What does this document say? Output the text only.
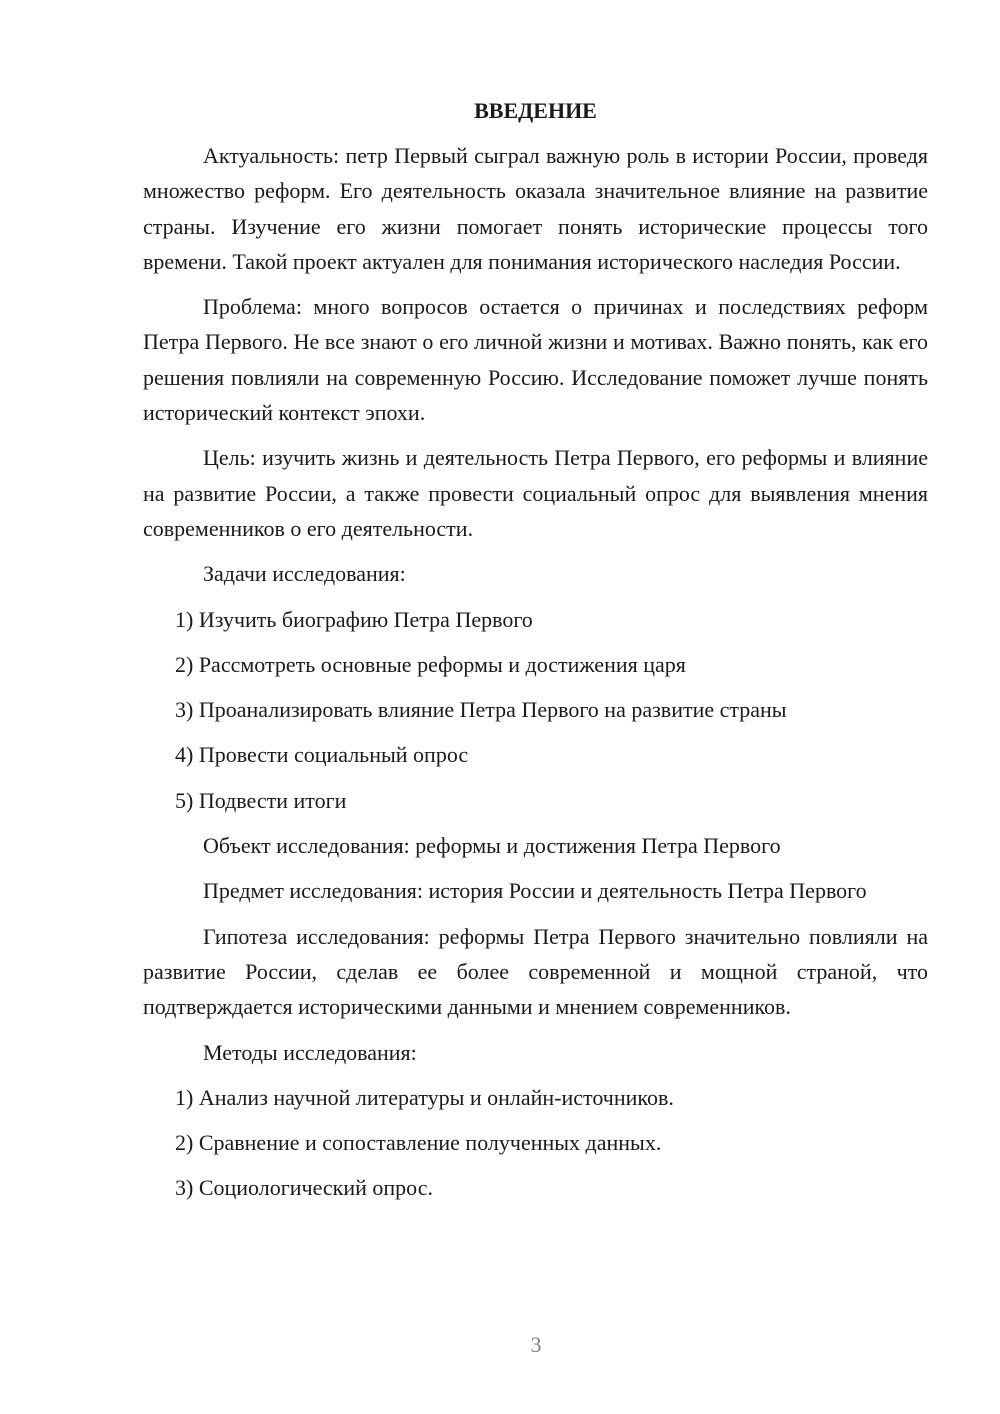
ВВЕДЕНИЕ

Актуальность: петр Первый сыграл важную роль в истории России, проведя множество реформ. Его деятельность оказала значительное влияние на развитие страны. Изучение его жизни помогает понять исторические процессы того времени. Такой проект актуален для понимания исторического наследия России.

Проблема: много вопросов остается о причинах и последствиях реформ Петра Первого. Не все знают о его личной жизни и мотивах. Важно понять, как его решения повлияли на современную Россию. Исследование поможет лучше понять исторический контекст эпохи.

Цель: изучить жизнь и деятельность Петра Первого, его реформы и влияние на развитие России, а также провести социальный опрос для выявления мнения современников о его деятельности.

Задачи исследования:

1) Изучить биографию Петра Первого
2) Рассмотреть основные реформы и достижения царя
3) Проанализировать влияние Петра Первого на развитие страны
4) Провести социальный опрос
5) Подвести итоги

Объект исследования: реформы и достижения Петра Первого

Предмет исследования: история России и деятельность Петра Первого

Гипотеза исследования: реформы Петра Первого значительно повлияли на развитие России, сделав ее более современной и мощной страной, что подтверждается историческими данными и мнением современников.

Методы исследования:

1) Анализ научной литературы и онлайн-источников.
2) Сравнение и сопоставление полученных данных.
3) Социологический опрос.
3
